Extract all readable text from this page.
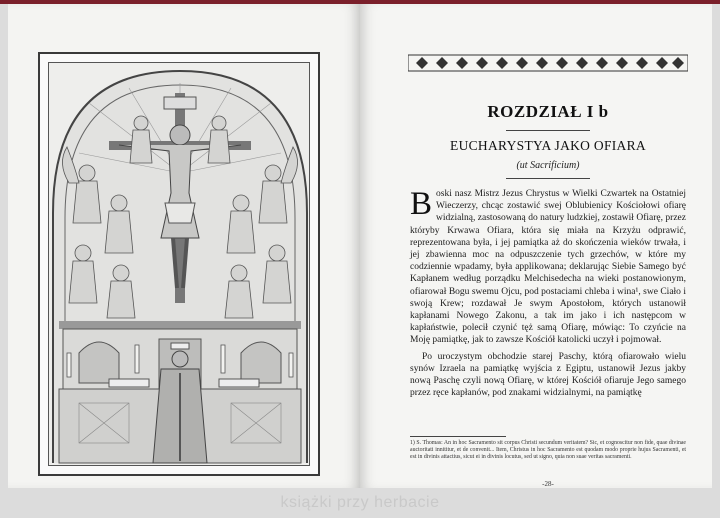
ROZDZIAŁ I b
EUCHARYSTYA JAKO OFIARA
(ut Sacrificium)

Boski nasz Mistrz Jezus Chrystus w Wielki Czwartek na Ostatniej Wieczerzy, chcąc zostawić swej Oblubienicy Kościołowi ofiarę widzialną, zastosowaną do natury ludzkiej, zostawił Ofiarę, przez któryby Krwawa Ofiara, która się miała na Krzyżu odprawić, reprezentowana była, i jej pamiątka aż do skończenia wieków trwała, i jej zbawienna moc na odpuszczenie tych grzechów, w które my codziennie wpadamy, była applikowana; deklarując Siebie Samego być Kapłanem według porządku Melchisedecha na wieki postanowionym, ofiarował Bogu swemu Ojcu, pod postaciami chleba i wina¹, swe Ciało i swoją Krew; rozdawał Je swym Apostołom, których ustanowił kapłanami Nowego Zakonu, a tak im jako i ich następcom w kapłaństwie, polecił czynić tęż samą Ofiarę, mówiąc: To czyńcie na Moję pamiątkę, jak to zawsze Kościół katolicki uczył i pojmował.

Po uroczystym obchodzie starej Paschy, którą ofiarowało wielu synów Izraela na pamiątkę wyjścia z Egiptu, ustanowił Jezus jakby nową Paschę czyli nową Ofiarę, w której Kościół ofiaruje Jego samego przez ręce kapłanów, pod znakami widzialnymi, na pamiątkę

1) S. Thomas: An in hoc Sacramento sit corpus Christi secundum veritatem? Sic, et cognoscitur non fide, quae divinae auctoritati innititur, et de convenit... Item, Christus in hoc Sacramento est quodam modo proprie hujus Sacramenti, et est in divinis attactius, sicut ei in divinis locutus, sed ut signo, quia non suae veritas sacramenti.
-28-
książki przy herbacie
